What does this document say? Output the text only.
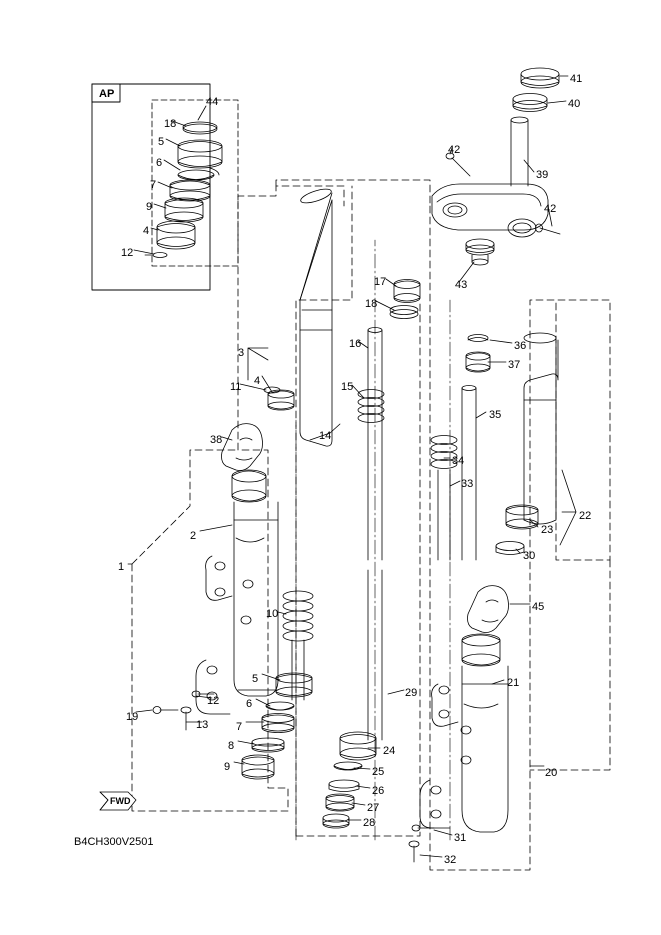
AP
FWD
B4CH300V2501
1
2
3
4
5
6
7
8
9
10
11
12
13
14
15
16
17
18
19
20
21
22
23
24
25
26
27
28
29
30
31
32
33
34
35
36
37
38
39
40
41
42
42
43
44
45
18
5
6
7
9
4
12
